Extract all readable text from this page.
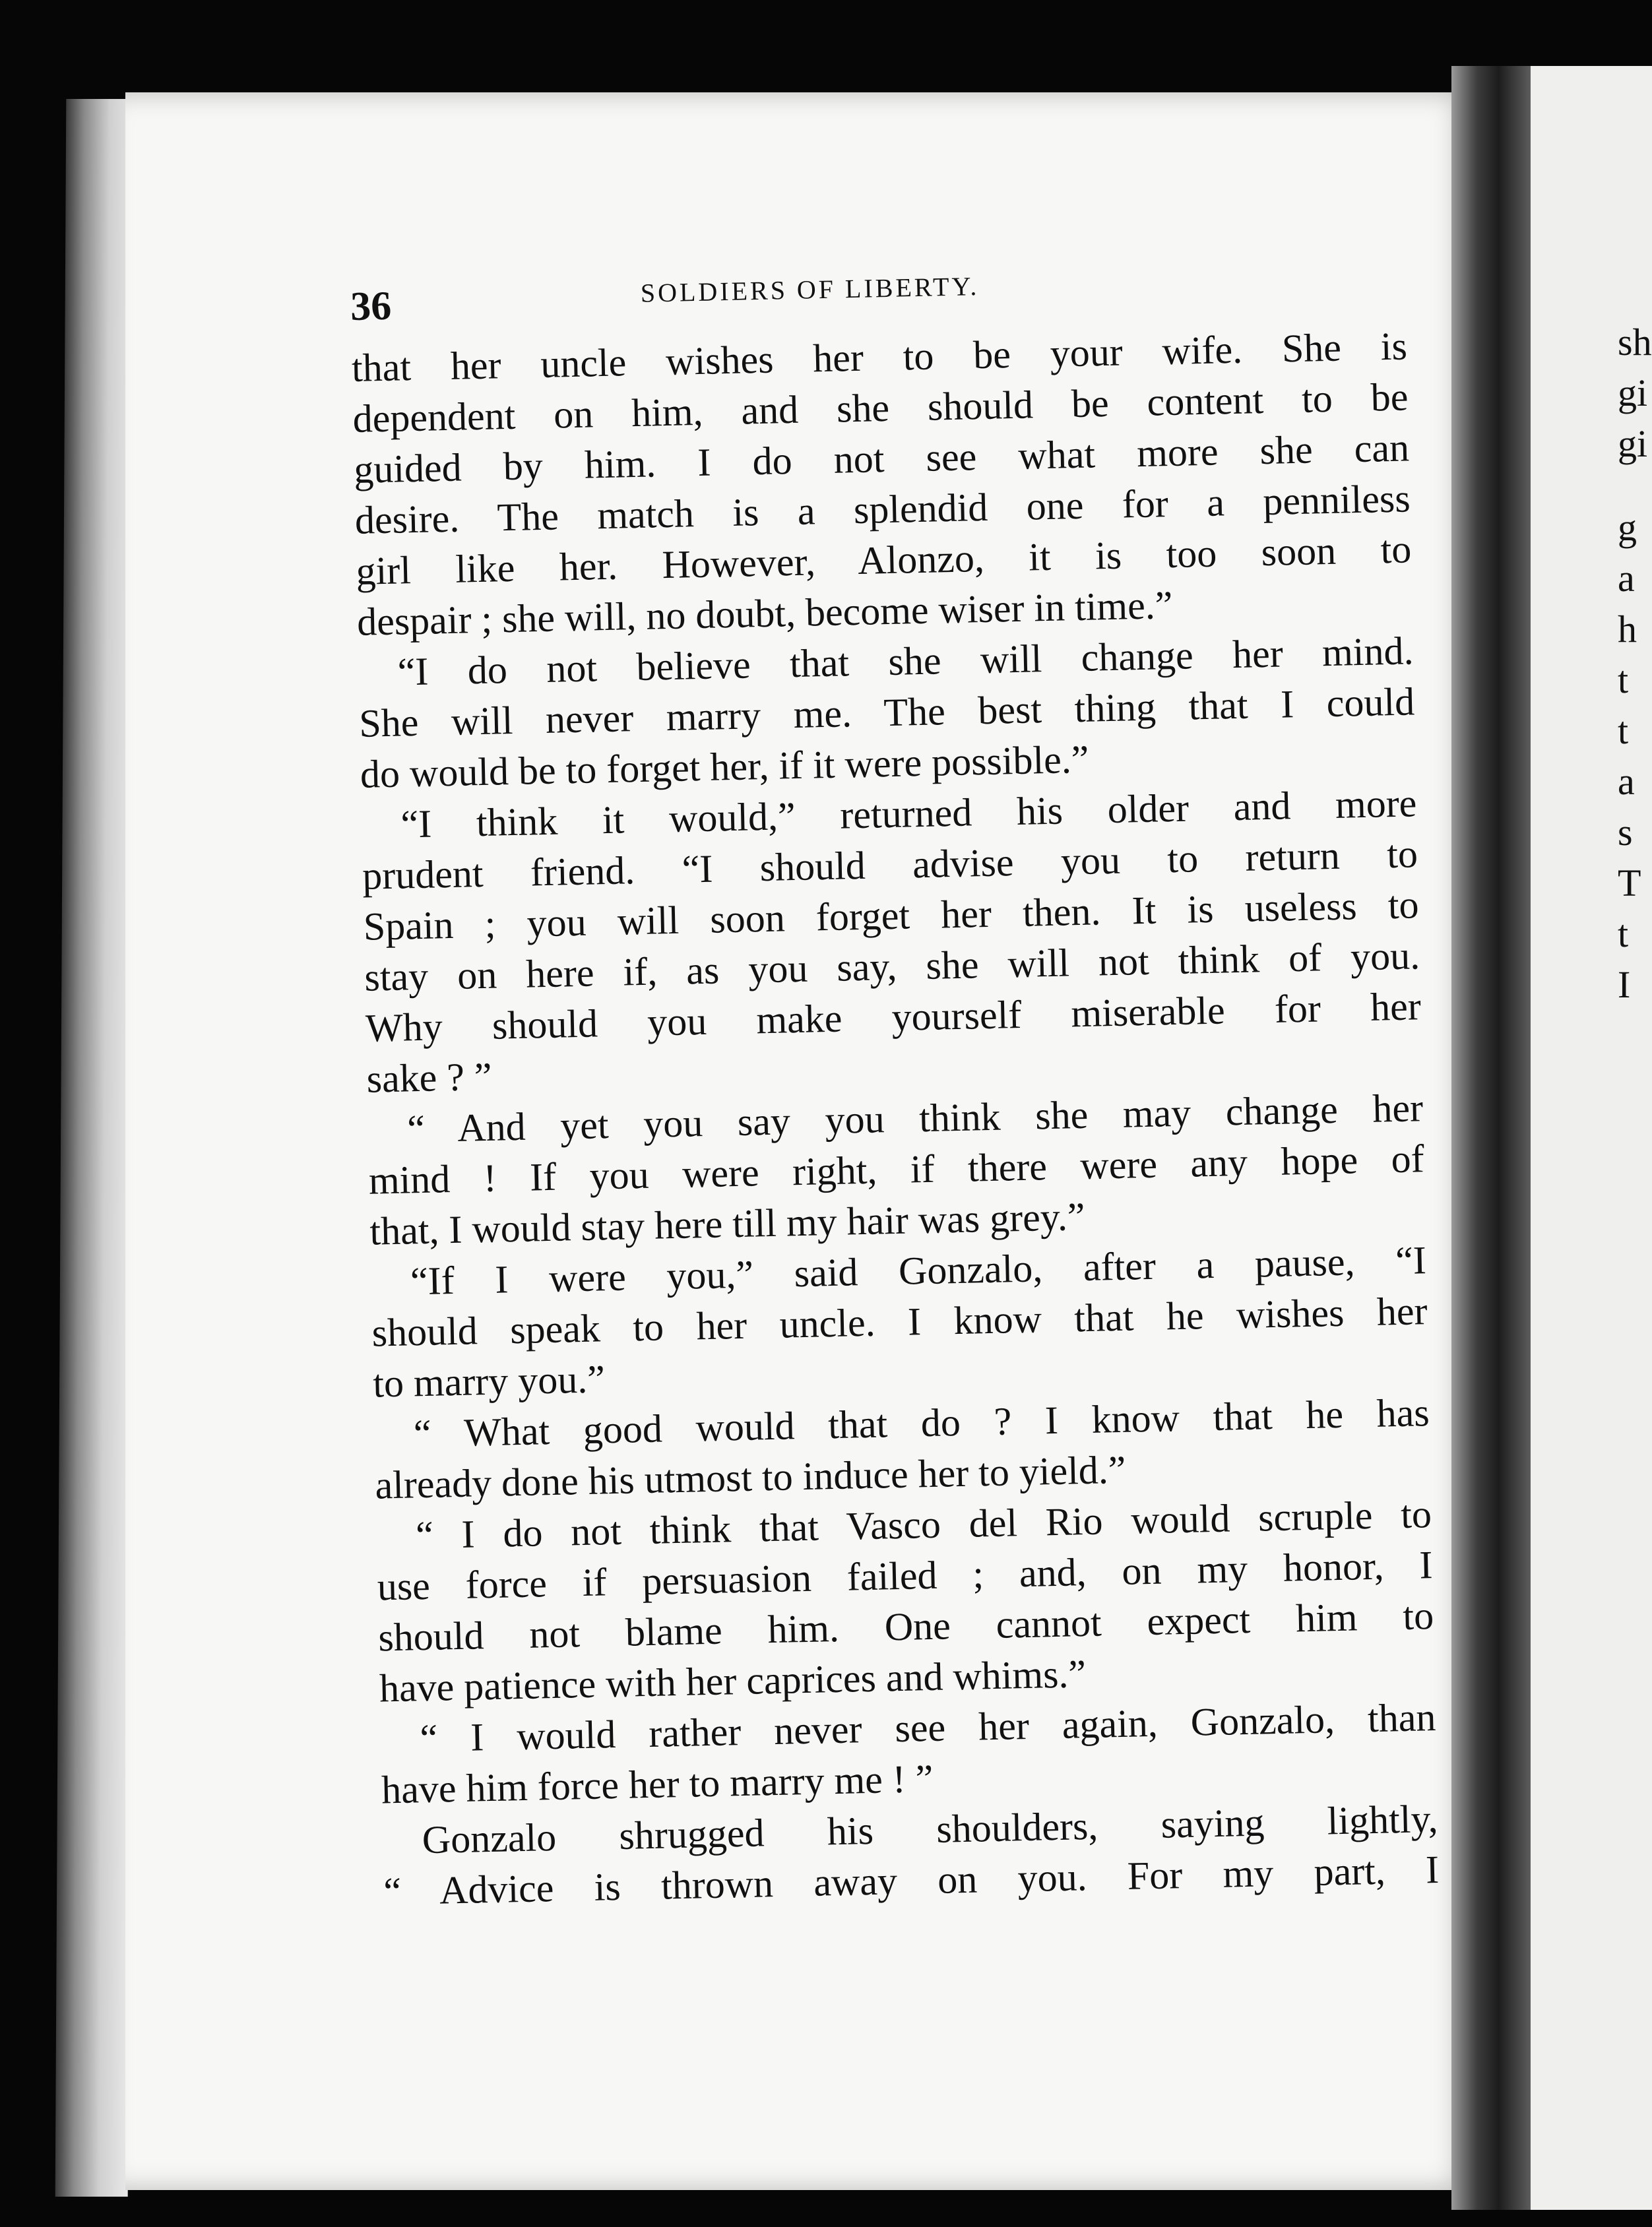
sh
gi
gi
g
a
h
t
t
a
s
T
t
I
36	SOLDIERS OF LIBERTY.
that her uncle wishes her to be your wife. She is
dependent on him, and she should be content to be
guided by him. I do not see what more she can
desire. The match is a splendid one for a penniless
girl like her. However, Alonzo, it is too soon to
despair ; she will, no doubt, become wiser in time.”
“I do not believe that she will change her mind.
She will never marry me. The best thing that I could
do would be to forget her, if it were possible.”
“I think it would,” returned his older and more
prudent friend. “I should advise you to return to
Spain ; you will soon forget her then. It is useless to
stay on here if, as you say, she will not think of you.
Why should you make yourself miserable for her
sake ? ”
“ And yet you say you think she may change her
mind ! If you were right, if there were any hope of
that, I would stay here till my hair was grey.”
“If I were you,” said Gonzalo, after a pause, “I
should speak to her uncle. I know that he wishes her
to marry you.”
“ What good would that do ? I know that he has
already done his utmost to induce her to yield.”
“ I do not think that Vasco del Rio would scruple to
use force if persuasion failed ; and, on my honor, I
should not blame him. One cannot expect him to
have patience with her caprices and whims.”
“ I would rather never see her again, Gonzalo, than
have him force her to marry me ! ”
Gonzalo shrugged his shoulders, saying lightly,
“ Advice is thrown away on you. For my part, I
